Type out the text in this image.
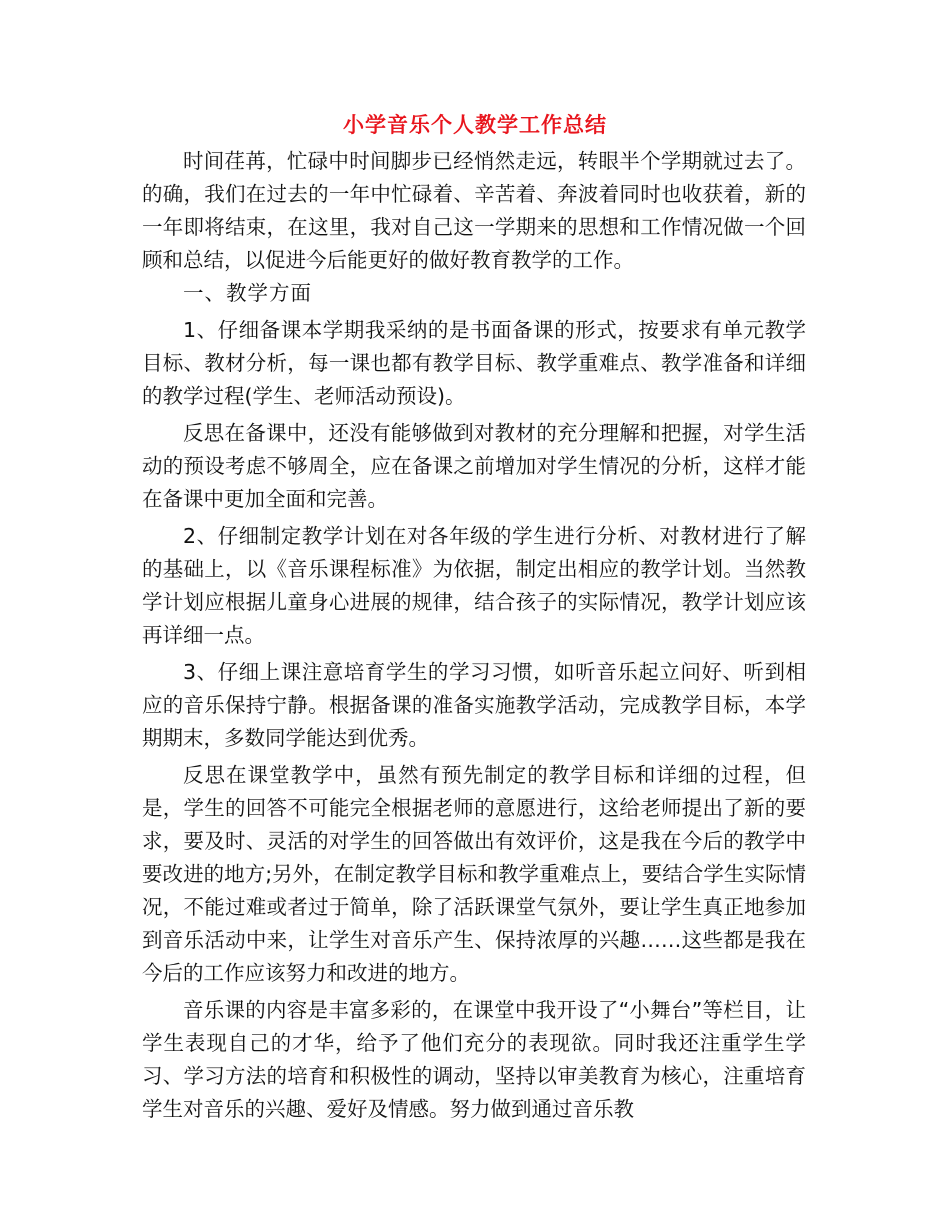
小学音乐个人教学工作总结

时间荏苒，忙碌中时间脚步已经悄然走远，转眼半个学期就过去了。的确，我们在过去的一年中忙碌着、辛苦着、奔波着同时也收获着，新的一年即将结束，在这里，我对自己这一学期来的思想和工作情况做一个回顾和总结，以促进今后能更好的做好教育教学的工作。

一、教学方面

1、仔细备课本学期我采纳的是书面备课的形式，按要求有单元教学目标、教材分析，每一课也都有教学目标、教学重难点、教学准备和详细的教学过程(学生、老师活动预设)。

反思在备课中，还没有能够做到对教材的充分理解和把握，对学生活动的预设考虑不够周全，应在备课之前增加对学生情况的分析，这样才能在备课中更加全面和完善。

2、仔细制定教学计划在对各年级的学生进行分析、对教材进行了解的基础上，以《音乐课程标准》为依据，制定出相应的教学计划。当然教学计划应根据儿童身心进展的规律，结合孩子的实际情况，教学计划应该再详细一点。

3、仔细上课注意培育学生的学习习惯，如听音乐起立问好、听到相应的音乐保持宁静。根据备课的准备实施教学活动，完成教学目标，本学期期末，多数同学能达到优秀。

反思在课堂教学中，虽然有预先制定的教学目标和详细的过程，但是，学生的回答不可能完全根据老师的意愿进行，这给老师提出了新的要求，要及时、灵活的对学生的回答做出有效评价，这是我在今后的教学中要改进的地方;另外，在制定教学目标和教学重难点上，要结合学生实际情况，不能过难或者过于简单，除了活跃课堂气氛外，要让学生真正地参加到音乐活动中来，让学生对音乐产生、保持浓厚的兴趣……这些都是我在今后的工作应该努力和改进的地方。

音乐课的内容是丰富多彩的，在课堂中我开设了“小舞台”等栏目，让学生表现自己的才华，给予了他们充分的表现欲。同时我还注重学生学习、学习方法的培育和积极性的调动，坚持以审美教育为核心，注重培育学生对音乐的兴趣、爱好及情感。努力做到通过音乐教
